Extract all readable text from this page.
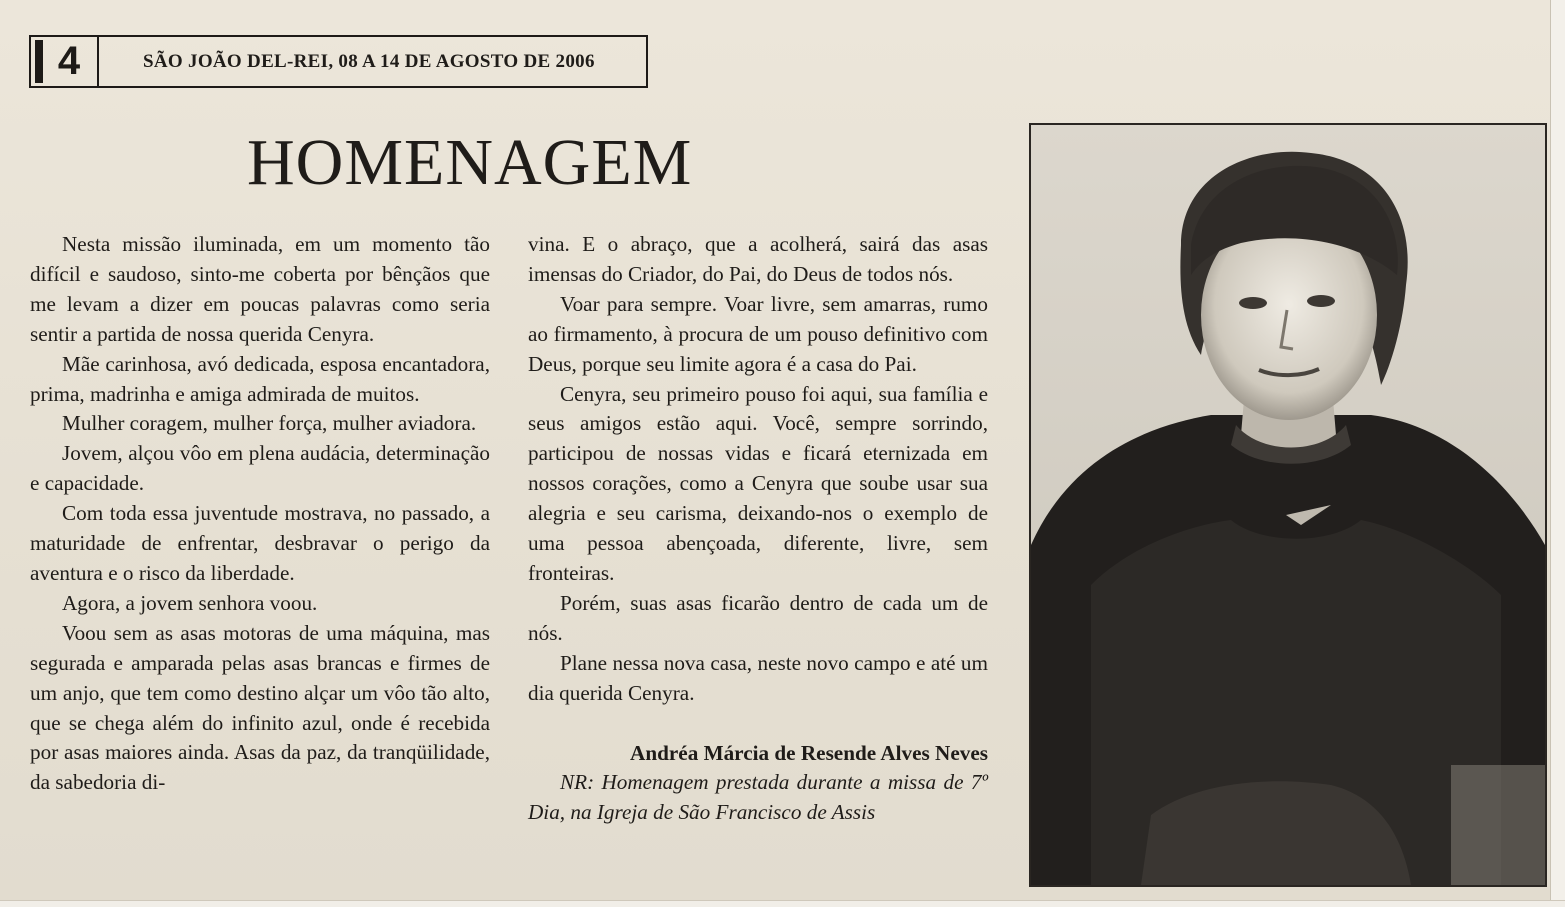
4	SÃO JOÃO DEL-REI, 08 A 14 DE AGOSTO DE 2006
HOMENAGEM

Nesta missão iluminada, em um momento tão difícil e saudoso, sinto-me coberta por bênçãos que me levam a dizer em poucas palavras como seria sentir a partida de nossa querida Cenyra.

Mãe carinhosa, avó dedicada, esposa encantadora, prima, madrinha e amiga admirada de muitos.

Mulher coragem, mulher força, mulher aviadora.

Jovem, alçou vôo em plena audácia, determinação e capacidade.

Com toda essa juventude mostrava, no passado, a maturidade de enfrentar, desbravar o perigo da aventura e o risco da liberdade.

Agora, a jovem senhora voou.

Voou sem as asas motoras de uma máquina, mas segurada e amparada pelas asas brancas e firmes de um anjo, que tem como destino alçar um vôo tão alto, que se chega além do infinito azul, onde é recebida por asas maiores ainda. Asas da paz, da tranqüilidade, da sabedoria di-

vina. E o abraço, que a acolherá, sairá das asas imensas do Criador, do Pai, do Deus de todos nós.

Voar para sempre. Voar livre, sem amarras, rumo ao firmamento, à procura de um pouso definitivo com Deus, porque seu limite agora é a casa do Pai.

Cenyra, seu primeiro pouso foi aqui, sua família e seus amigos estão aqui. Você, sempre sorrindo, participou de nossas vidas e ficará eternizada em nossos corações, como a Cenyra que soube usar sua alegria e seu carisma, deixando-nos o exemplo de uma pessoa abençoada, diferente, livre, sem fronteiras.

Porém, suas asas ficarão dentro de cada um de nós.

Plane nessa nova casa, neste novo campo e até um dia querida Cenyra.

Andréa Márcia de Resende Alves Neves

NR: Homenagem prestada durante a missa de 7º Dia, na Igreja de São Francisco de Assis
